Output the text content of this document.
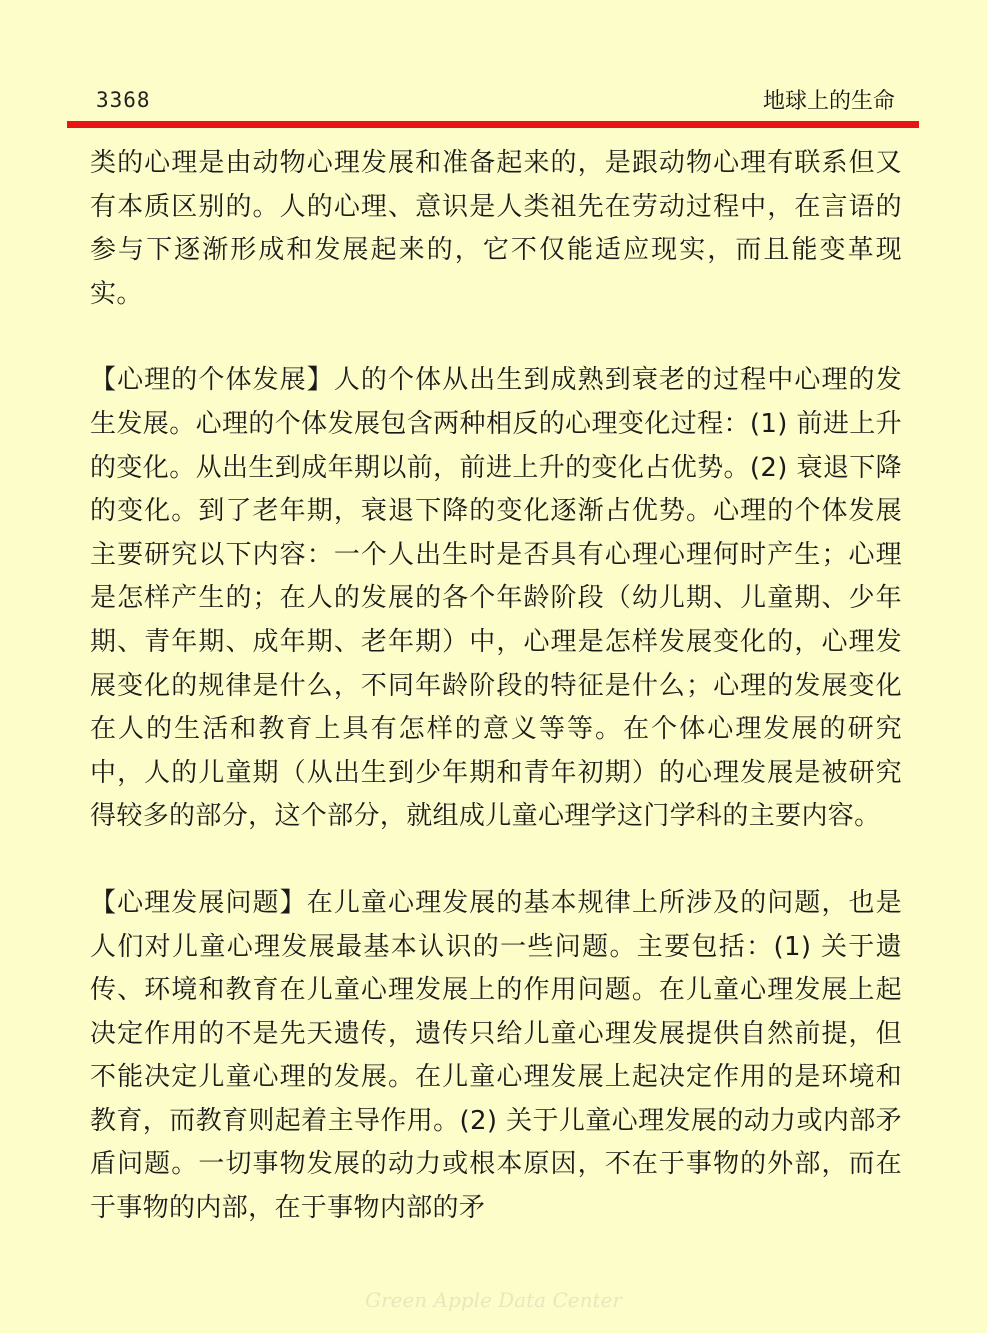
3368	地球上的生命

类的心理是由动物心理发展和准备起来的，是跟动物心理有联系但又有本质区别的。人的心理、意识是人类祖先在劳动过程中，在言语的参与下逐渐形成和发展起来的，它不仅能适应现实，而且能变革现实。

【心理的个体发展】人的个体从出生到成熟到衰老的过程中心理的发生发展。心理的个体发展包含两种相反的心理变化过程：(1) 前进上升的变化。从出生到成年期以前，前进上升的变化占优势。(2) 衰退下降的变化。到了老年期，衰退下降的变化逐渐占优势。心理的个体发展主要研究以下内容：一个人出生时是否具有心理心理何时产生；心理是怎样产生的；在人的发展的各个年龄阶段（幼儿期、儿童期、少年期、青年期、成年期、老年期）中，心理是怎样发展变化的，心理发展变化的规律是什么，不同年龄阶段的特征是什么；心理的发展变化在人的生活和教育上具有怎样的意义等等。在个体心理发展的研究中，人的儿童期（从出生到少年期和青年初期）的心理发展是被研究得较多的部分，这个部分，就组成儿童心理学这门学科的主要内容。

【心理发展问题】在儿童心理发展的基本规律上所涉及的问题，也是人们对儿童心理发展最基本认识的一些问题。主要包括：(1) 关于遗传、环境和教育在儿童心理发展上的作用问题。在儿童心理发展上起决定作用的不是先天遗传，遗传只给儿童心理发展提供自然前提，但不能决定儿童心理的发展。在儿童心理发展上起决定作用的是环境和教育，而教育则起着主导作用。(2) 关于儿童心理发展的动力或内部矛盾问题。一切事物发展的动力或根本原因，不在于事物的外部，而在于事物的内部，在于事物内部的矛

Green Apple Data Center
